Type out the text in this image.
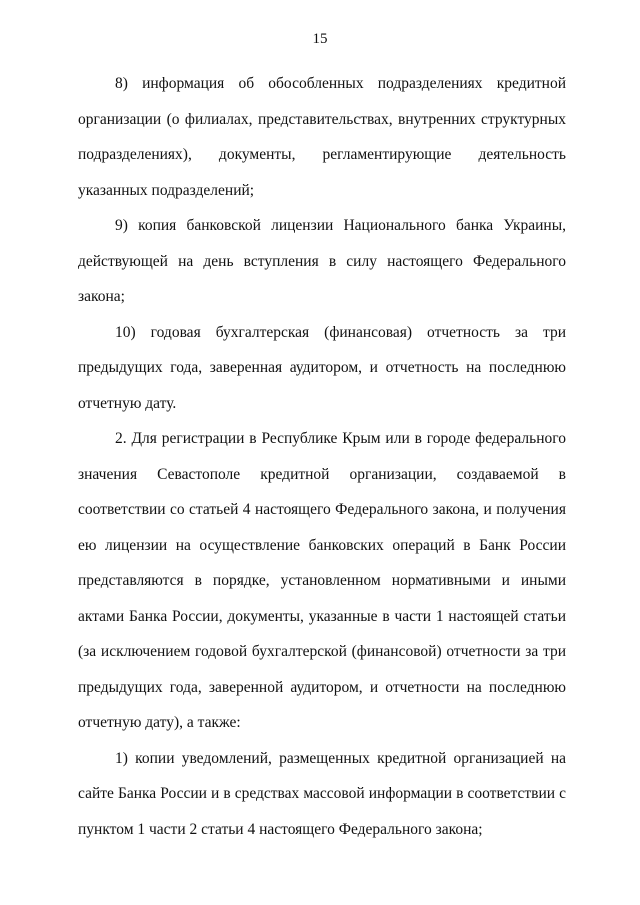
15

8) информация об обособленных подразделениях кредитной организации (о филиалах, представительствах, внутренних структурных подразделениях), документы, регламентирующие деятельность указанных подразделений;

9) копия банковской лицензии Национального банка Украины, действующей на день вступления в силу настоящего Федерального закона;

10) годовая бухгалтерская (финансовая) отчетность за три предыдущих года, заверенная аудитором, и отчетность на последнюю отчетную дату.

2. Для регистрации в Республике Крым или в городе федерального значения Севастополе кредитной организации, создаваемой в соответствии со статьей 4 настоящего Федерального закона, и получения ею лицензии на осуществление банковских операций в Банк России представляются в порядке, установленном нормативными и иными актами Банка России, документы, указанные в части 1 настоящей статьи (за исключением годовой бухгалтерской (финансовой) отчетности за три предыдущих года, заверенной аудитором, и отчетности на последнюю отчетную дату), а также:

1) копии уведомлений, размещенных кредитной организацией на сайте Банка России и в средствах массовой информации в соответствии с пунктом 1 части 2 статьи 4 настоящего Федерального закона;
